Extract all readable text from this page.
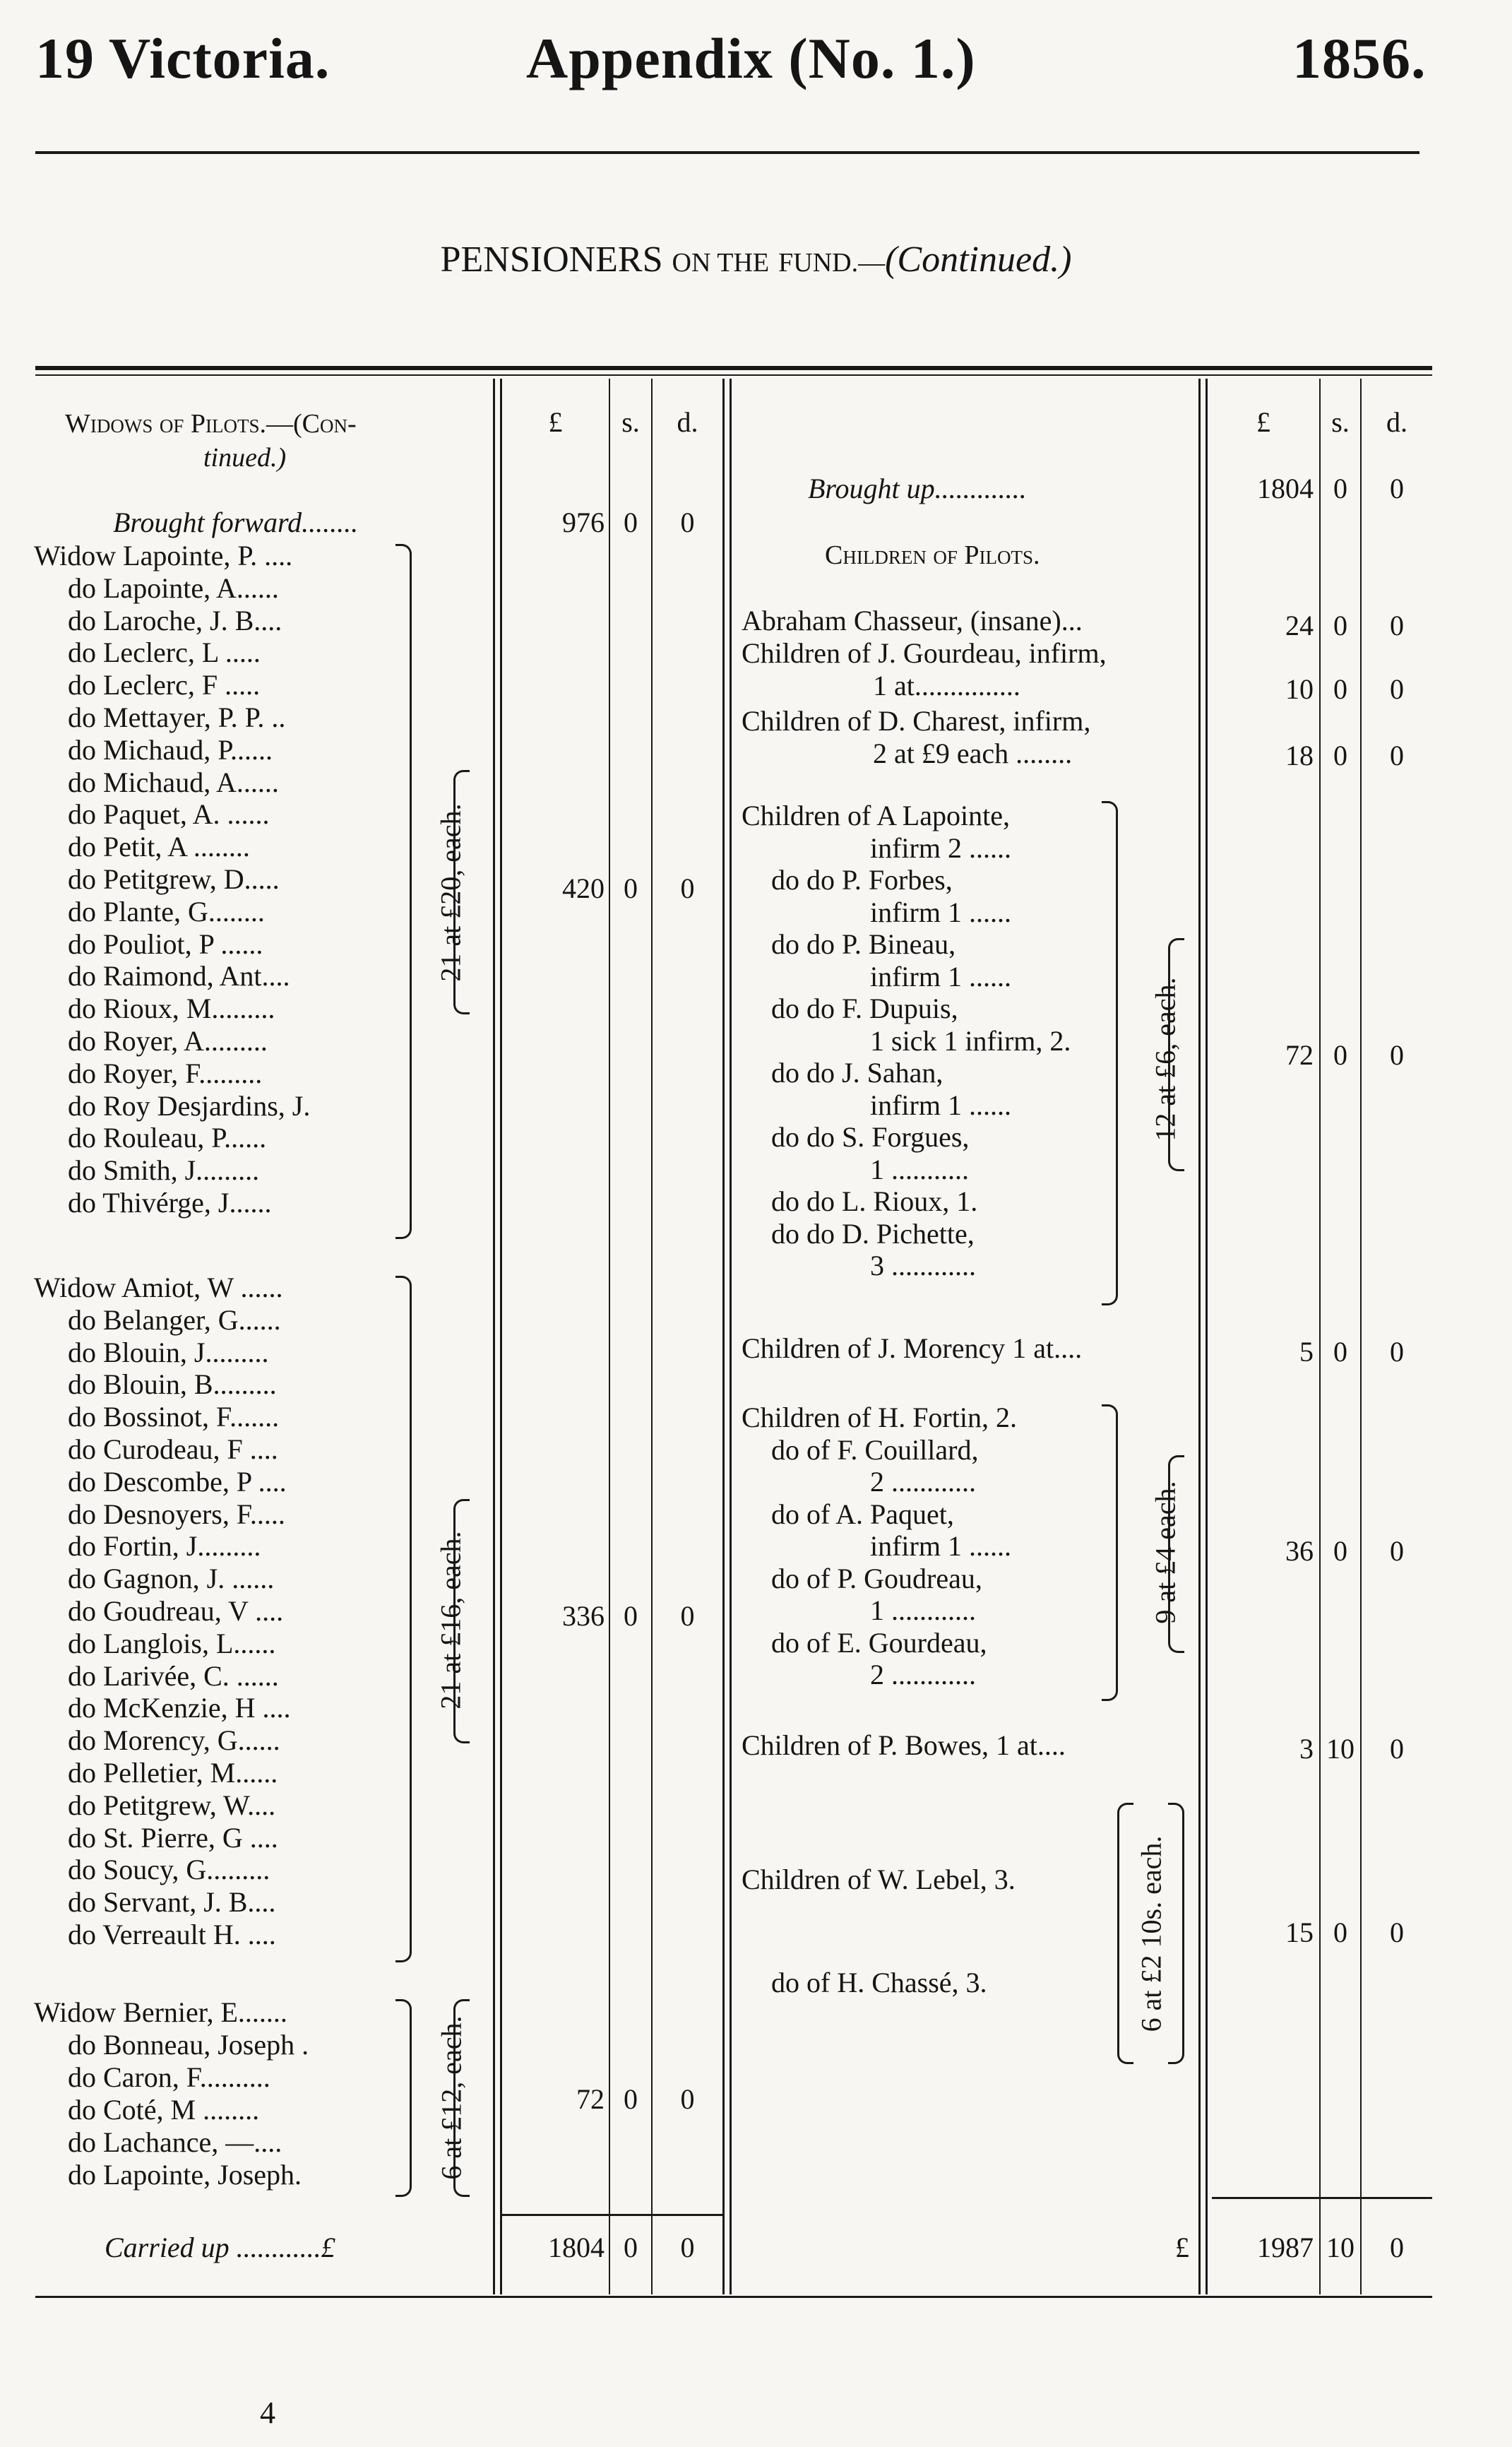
19 Victoria.	Appendix (No. 1.)	1856.
PENSIONERS ON THE FUND.—(Continued.)
£	s.	d.	£	s.	d.
Widows of Pilots.—(Con-
tinued.)
Brought forward........	976 0	0
Widow Lapointe, P. ....
do Lapointe, A......
do Laroche, J. B....
do Leclerc, L .....
do Leclerc, F .....
do Mettayer, P. P. ..
do Michaud, P......
do Michaud, A......
do Paquet, A. ......
do Petit, A ........
do Petitgrew, D.....
do Plante, G........
do Pouliot, P ......
do Raimond, Ant....
do Rioux, M.........
do Royer, A.........
do Royer, F.........
do Roy Desjardins, J.
do Rouleau, P......
do Smith, J.........
do Thivérge, J......
21 at £20, each.	420 0	0
Widow Amiot, W ......
do Belanger, G......
do Blouin, J.........
do Blouin, B.........
do Bossinot, F.......
do Curodeau, F ....
do Descombe, P ....
do Desnoyers, F.....
do Fortin, J.........
do Gagnon, J. ......
do Goudreau, V ....
do Langlois, L......
do Larivée, C. ......
do McKenzie, H ....
do Morency, G......
do Pelletier, M......
do Petitgrew, W....
do St. Pierre, G ....
do Soucy, G.........
do Servant, J. B....
do Verreault H. ....
21 at £16, each.	336 0	0
Widow Bernier, E.......
do Bonneau, Joseph .
do Caron, F..........
do Coté, M ........
do Lachance, —....
do Lapointe, Joseph.	6 at £12, each.	72 0	0
Carried up ............£	1804 0	0
Brought up.............	1804 0	0
Children of Pilots.
Abraham Chasseur, (insane)...	24 0	0
Children of J. Gourdeau, infirm,
1 at...............	10 0	0
Children of D. Charest, infirm,
2 at £9 each ........	18 0	0
Children of A Lapointe,
infirm 2 ......
do do P. Forbes,
infirm 1 ......
do do P. Bineau,
infirm 1 ......
do do F. Dupuis,
1 sick 1 infirm, 2.
do do J. Sahan,
infirm 1 ......
do do S. Forgues,
1 ...........
do do L. Rioux, 1.
do do D. Pichette,
3 ............
12 at £6, each.	72 0	0
Children of J. Morency 1 at....	5 0	0
Children of H. Fortin, 2.
do of F. Couillard,
2 ............
do of A. Paquet,
infirm 1 ......
do of P. Goudreau,
1 ............
do of E. Gourdeau,
2 ............
9 at £4 each.	36 0	0
Children of P. Bowes, 1 at....	3 10	0
Children of W. Lebel, 3.
do of H. Chassé, 3.	6 at £2 10s. each.	15 0	0
£	1987 10	0
4
